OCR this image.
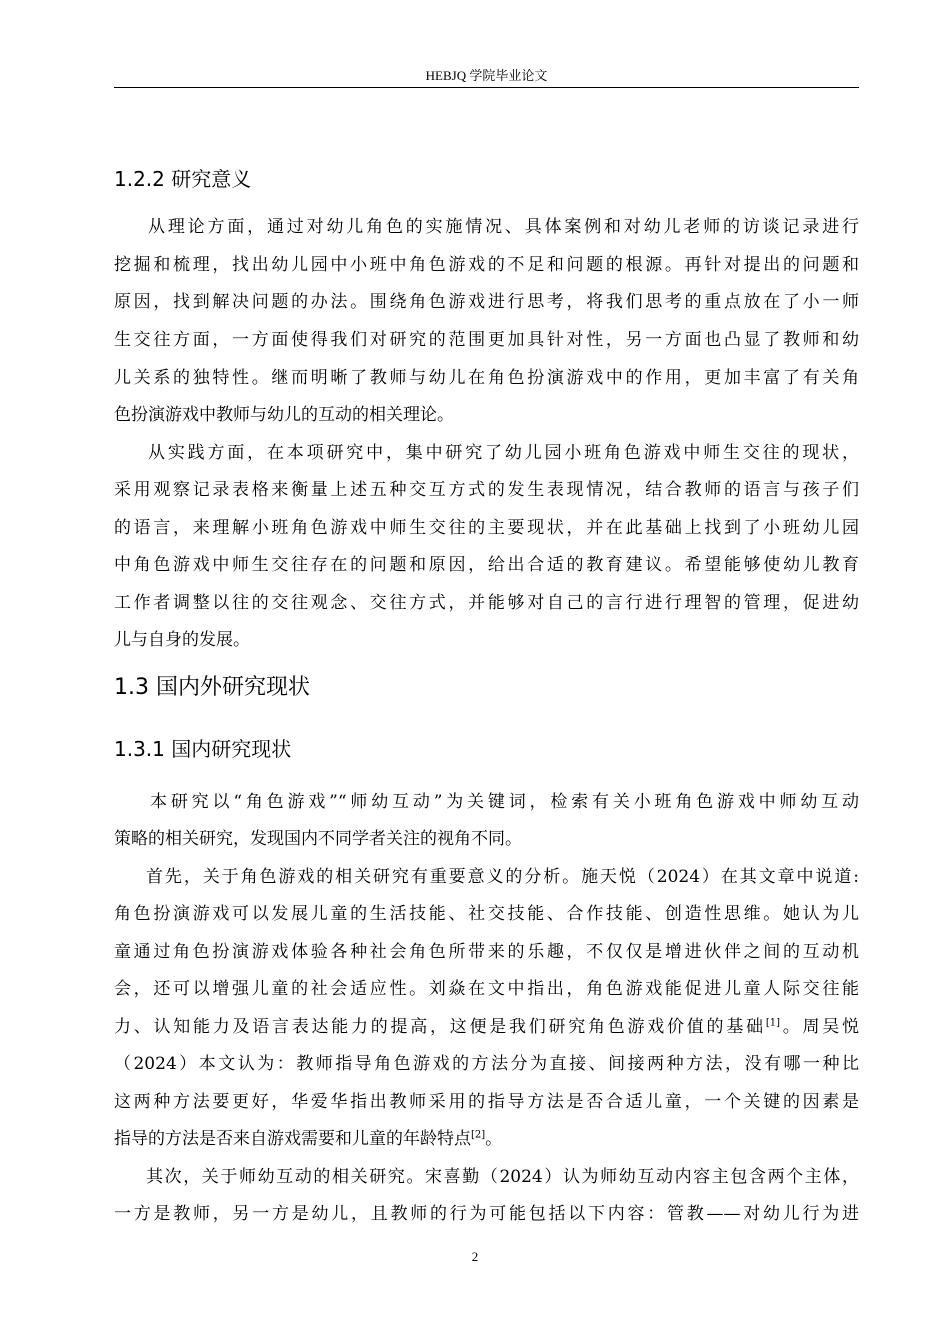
HEBJQ 学院毕业论文
1.2.2 研究意义
从理论方面，通过对幼儿角色的实施情况、具体案例和对幼儿老师的访谈记录进行
挖掘和梳理，找出幼儿园中小班中角色游戏的不足和问题的根源。再针对提出的问题和
原因，找到解决问题的办法。围绕角色游戏进行思考，将我们思考的重点放在了小一师
生交往方面，一方面使得我们对研究的范围更加具针对性，另一方面也凸显了教师和幼
儿关系的独特性。继而明晰了教师与幼儿在角色扮演游戏中的作用，更加丰富了有关角
色扮演游戏中教师与幼儿的互动的相关理论。
从实践方面，在本项研究中，集中研究了幼儿园小班角色游戏中师生交往的现状，
采用观察记录表格来衡量上述五种交互方式的发生表现情况，结合教师的语言与孩子们
的语言，来理解小班角色游戏中师生交往的主要现状，并在此基础上找到了小班幼儿园
中角色游戏中师生交往存在的问题和原因，给出合适的教育建议。希望能够使幼儿教育
工作者调整以往的交往观念、交往方式，并能够对自己的言行进行理智的管理，促进幼
儿与自身的发展。
1.3 国内外研究现状
1.3.1 国内研究现状
本研究以“角色游戏”“师幼互动”为关键词，检索有关小班角色游戏中师幼互动
策略的相关研究，发现国内不同学者关注的视角不同。
首先，关于角色游戏的相关研究有重要意义的分析。施天悦（2024）在其文章中说道:
角色扮演游戏可以发展儿童的生活技能、社交技能、合作技能、创造性思维。她认为儿
童通过角色扮演游戏体验各种社会角色所带来的乐趣，不仅仅是增进伙伴之间的互动机
会，还可以增强儿童的社会适应性。刘焱在文中指出，角色游戏能促进儿童人际交往能
力、认知能力及语言表达能力的提高，这便是我们研究角色游戏价值的基础[1]。周吴悦
（2024）本文认为：教师指导角色游戏的方法分为直接、间接两种方法，没有哪一种比
这两种方法要更好，华爱华指出教师采用的指导方法是否合适儿童，一个关键的因素是
指导的方法是否来自游戏需要和儿童的年龄特点[2]。
其次，关于师幼互动的相关研究。宋喜勤（2024）认为师幼互动内容主包含两个主体，
一方是教师，另一方是幼儿，且教师的行为可能包括以下内容：管教——对幼儿行为进
2
